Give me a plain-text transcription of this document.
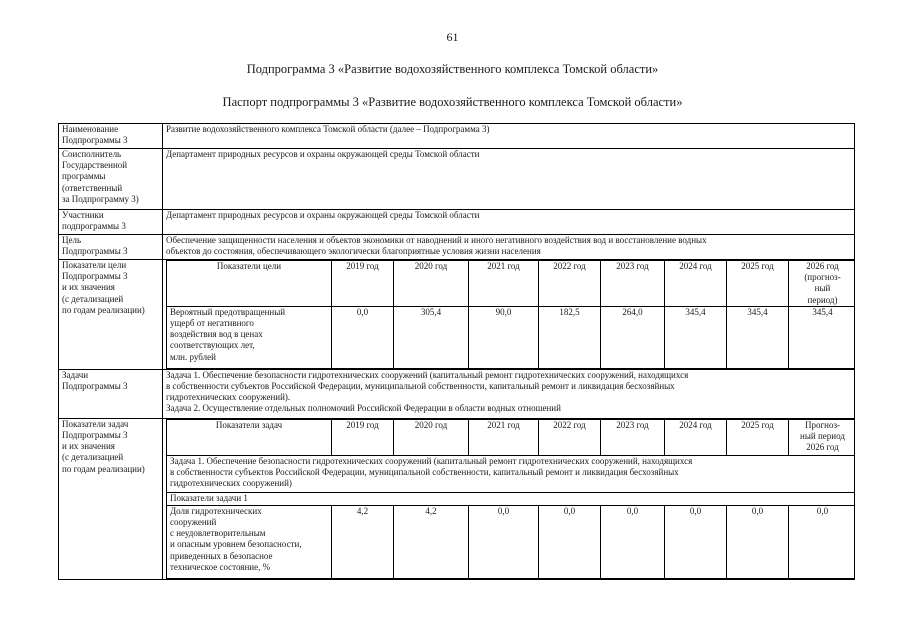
61
Подпрограмма 3 «Развитие водохозяйственного комплекса Томской области»
Паспорт подпрограммы 3 «Развитие водохозяйственного комплекса Томской области»
Наименование
Подпрограммы 3
	Развитие водохозяйственного комплекса Томской области (далее – Подпрограмма 3)

Соисполнитель
Государственной
программы
(ответственный
за Подпрограмму 3)
	Департамент природных ресурсов и охраны окружающей среды Томской области

Участники
подпрограммы 3
	Департамент природных ресурсов и охраны окружающей среды Томской области

Цель
Подпрограммы 3

Обеспечение защищенности населения и объектов экономики от наводнений и иного негативного воздействия вод и восстановление водных
объектов до состояния, обеспечивающего экологически благоприятные условия жизни населения

Показатели цели
Подпрограммы 3
и их значения
(с детализацией
по годам реализации)

Показатели цели	2019 год	2020 год	2021 год	2022 год	2023 год	2024 год	2025 год	2026 год
(прогноз-
ный
период)

Вероятный предотвращенный
ущерб от негативного
воздействия вод в ценах
соответствующих лет,
млн. рублей
	0,0	305,4	90,0	182,5	264,0	345,4	345,4	345,4

Задачи
Подпрограммы 3

Задача 1. Обеспечение безопасности гидротехнических сооружений (капитальный ремонт гидротехнических сооружений, находящихся
в собственности субъектов Российской Федерации, муниципальной собственности, капитальный ремонт и ликвидация бесхозяйных
гидротехнических сооружений).
Задача 2. Осуществление отдельных полномочий Российской Федерации в области водных отношений

Показатели задач
Подпрограммы 3
и их значения
(с детализацией
по годам реализации)

Показатели задач	2019 год	2020 год	2021 год	2022 год	2023 год	2024 год	2025 год	Прогноз-
ный период
2026 год

Задача 1. Обеспечение безопасности гидротехнических сооружений (капитальный ремонт гидротехнических сооружений, находящихся
в собственности субъектов Российской Федерации, муниципальной собственности, капитальный ремонт и ликвидация бесхозяйных
гидротехнических сооружений)

Показатели задачи 1

Доля гидротехнических
сооружений
с неудовлетворительным
и опасным уровнем безопасности,
приведенных в безопасное
техническое состояние, %
	4,2	4,2	0,0	0,0	0,0	0,0	0,0	0,0
